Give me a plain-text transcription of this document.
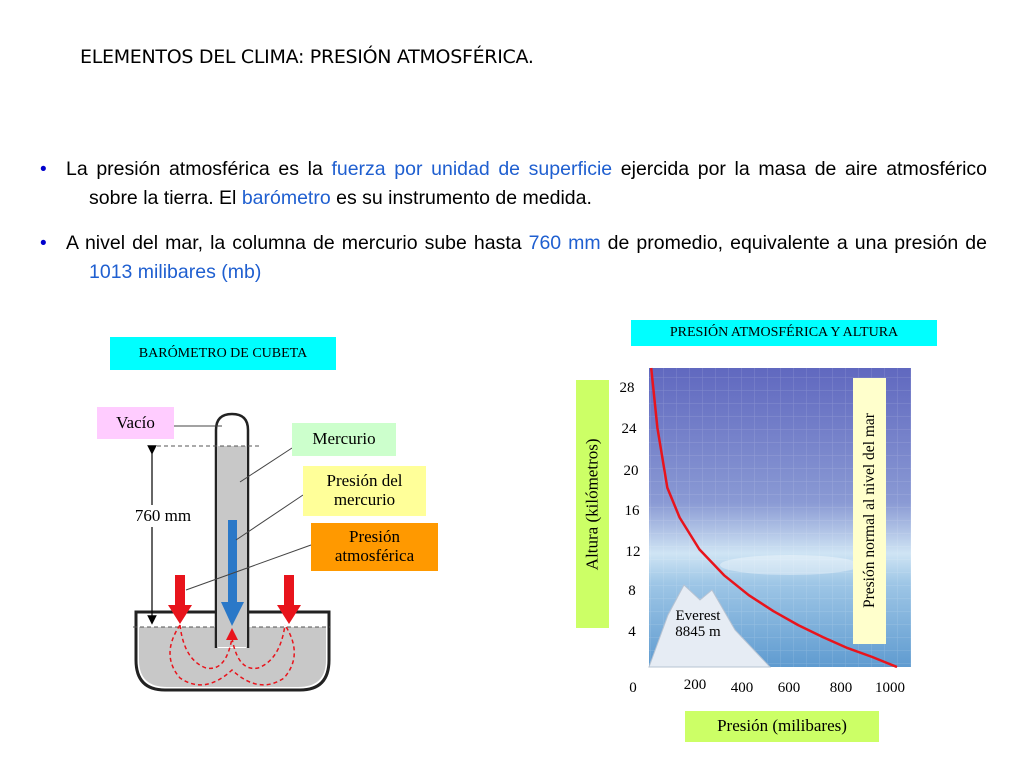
ELEMENTOS DEL CLIMA: PRESIÓN ATMOSFÉRICA.
• La presión atmosférica es la fuerza por unidad de superficie ejercida por la masa de aire atmosférico sobre la tierra. El barómetro es su instrumento de medida.

• A nivel del mar, la columna de mercurio sube hasta 760 mm de promedio, equivalente a una presión de 1013 milibares (mb)

BARÓMETRO DE CUBETA
Vacío
Mercurio
Presión del mercurio
Presión atmosférica
760 mm
PRESIÓN ATMOSFÉRICA Y ALTURA
28
24
20
16
12
8
4
0	200	400	600	800	1000
Presión (milibares)
Altura (kilómetros)	Presión normal al nivel del mar
Everest
8845 m
